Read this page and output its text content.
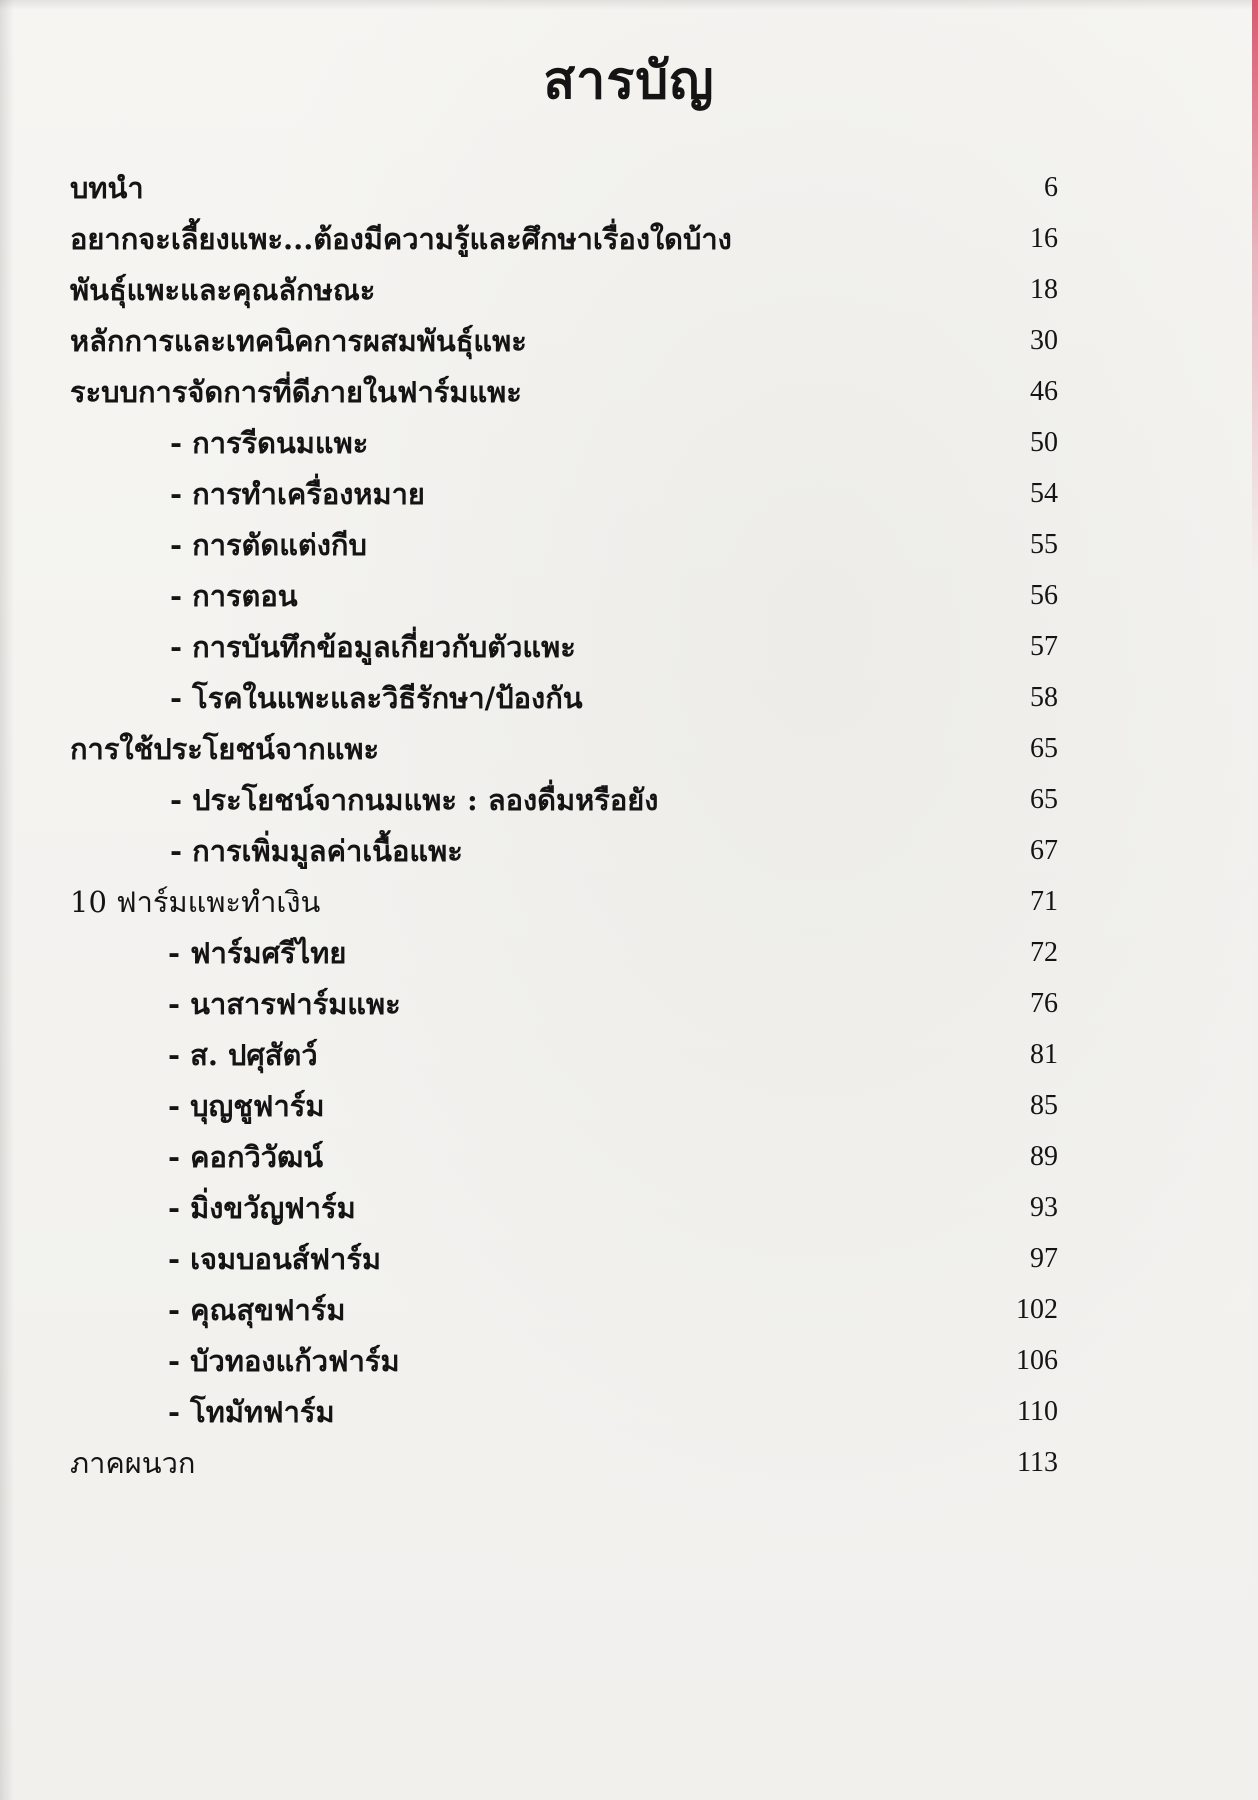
สารบัญ
บทนำ	6
อยากจะเลี้ยงแพะ...ต้องมีความรู้และศึกษาเรื่องใดบ้าง	16
พันธุ์แพะและคุณลักษณะ	18
หลักการและเทคนิคการผสมพันธุ์แพะ	30
ระบบการจัดการที่ดีภายในฟาร์มแพะ	46
- การรีดนมแพะ	50
- การทำเครื่องหมาย	54
- การตัดแต่งกีบ	55
- การตอน	56
- การบันทึกข้อมูลเกี่ยวกับตัวแพะ	57
- โรคในแพะและวิธีรักษา/ป้องกัน	58
การใช้ประโยชน์จากแพะ	65
- ประโยชน์จากนมแพะ : ลองดื่มหรือยัง	65
- การเพิ่มมูลค่าเนื้อแพะ	67
10 ฟาร์มแพะทำเงิน	71
- ฟาร์มศรีไทย	72
- นาสารฟาร์มแพะ	76
- ส. ปศุสัตว์	81
- บุญชูฟาร์ม	85
- คอกวิวัฒน์	89
- มิ่งขวัญฟาร์ม	93
- เจมบอนส์ฟาร์ม	97
- คุณสุขฟาร์ม	102
- บัวทองแก้วฟาร์ม	106
- โทมัทฟาร์ม	110
ภาคผนวก	113
